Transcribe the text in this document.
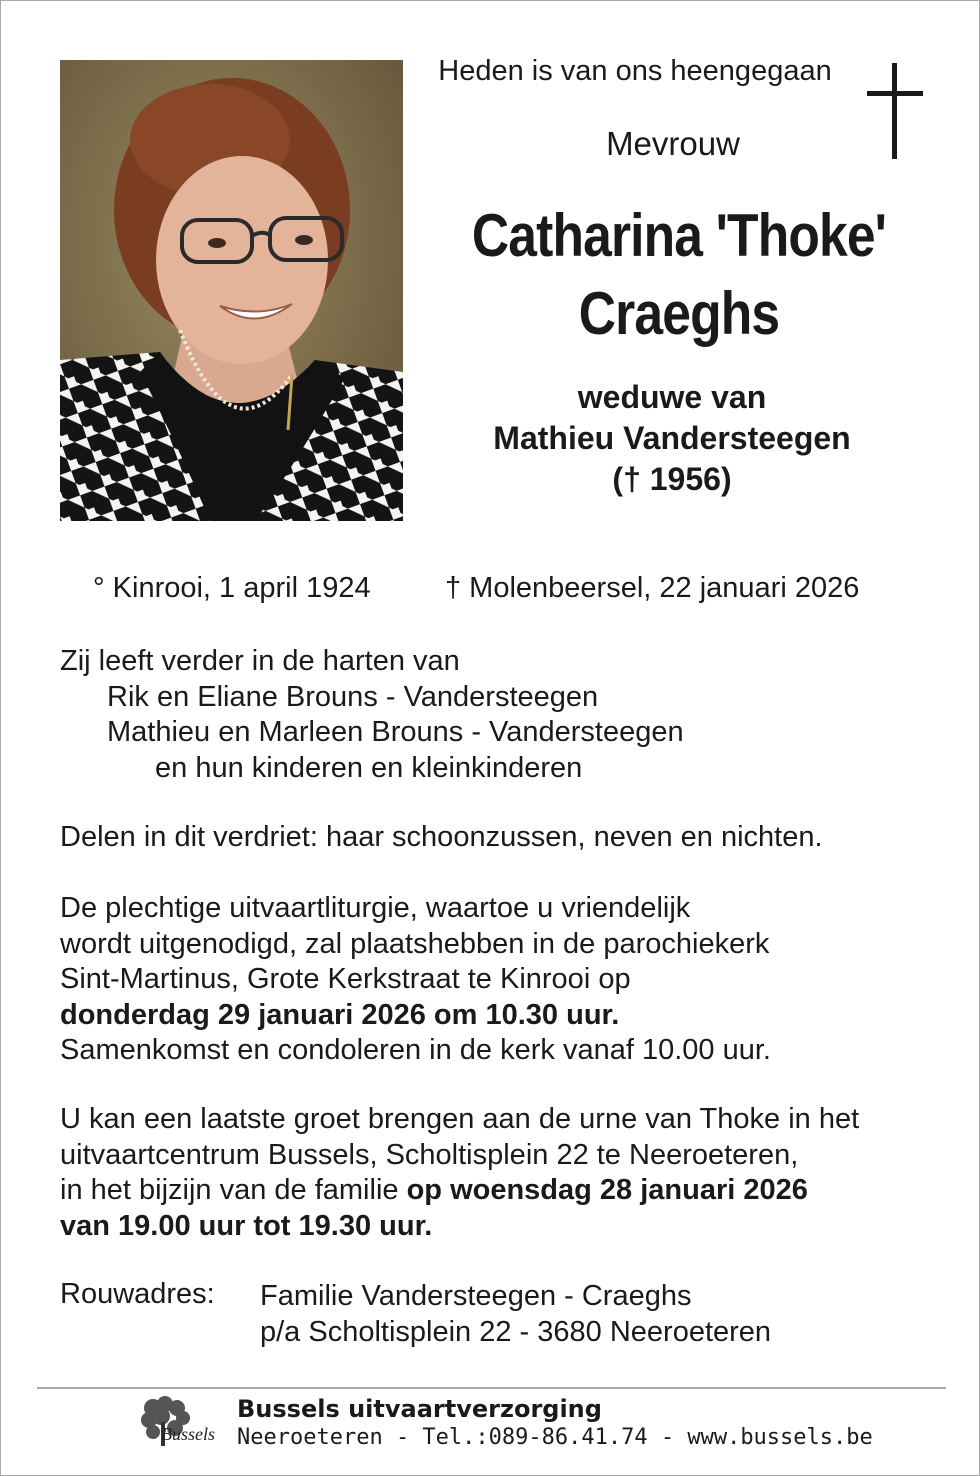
Heden is van ons heengegaan
Mevrouw
Catharina 'Thoke'
Craeghs
weduwe van
Mathieu Vandersteegen
(† 1956)
° Kinrooi, 1 april 1924	† Molenbeersel, 22 januari 2026
Zij leeft verder in de harten van
Rik en Eliane Brouns - Vandersteegen
Mathieu en Marleen Brouns - Vandersteegen
en hun kinderen en kleinkinderen
Delen in dit verdriet: haar schoonzussen, neven en nichten.
De plechtige uitvaartliturgie, waartoe u vriendelijk
wordt uitgenodigd, zal plaatshebben in de parochiekerk
Sint-Martinus, Grote Kerkstraat te Kinrooi op
donderdag 29 januari 2026 om 10.30 uur.
Samenkomst en condoleren in de kerk vanaf 10.00 uur.
U kan een laatste groet brengen aan de urne van Thoke in het
uitvaartcentrum Bussels, Scholtisplein 22 te Neeroeteren,
in het bijzijn van de familie op woensdag 28 januari 2026
van 19.00 uur tot 19.30 uur.
Rouwadres: Familie Vandersteegen - Craeghs
p/a Scholtisplein 22 - 3680 Neeroeteren
Bussels
Bussels uitvaartverzorging
Neeroeteren - Tel.:089-86.41.74 - www.bussels.be
